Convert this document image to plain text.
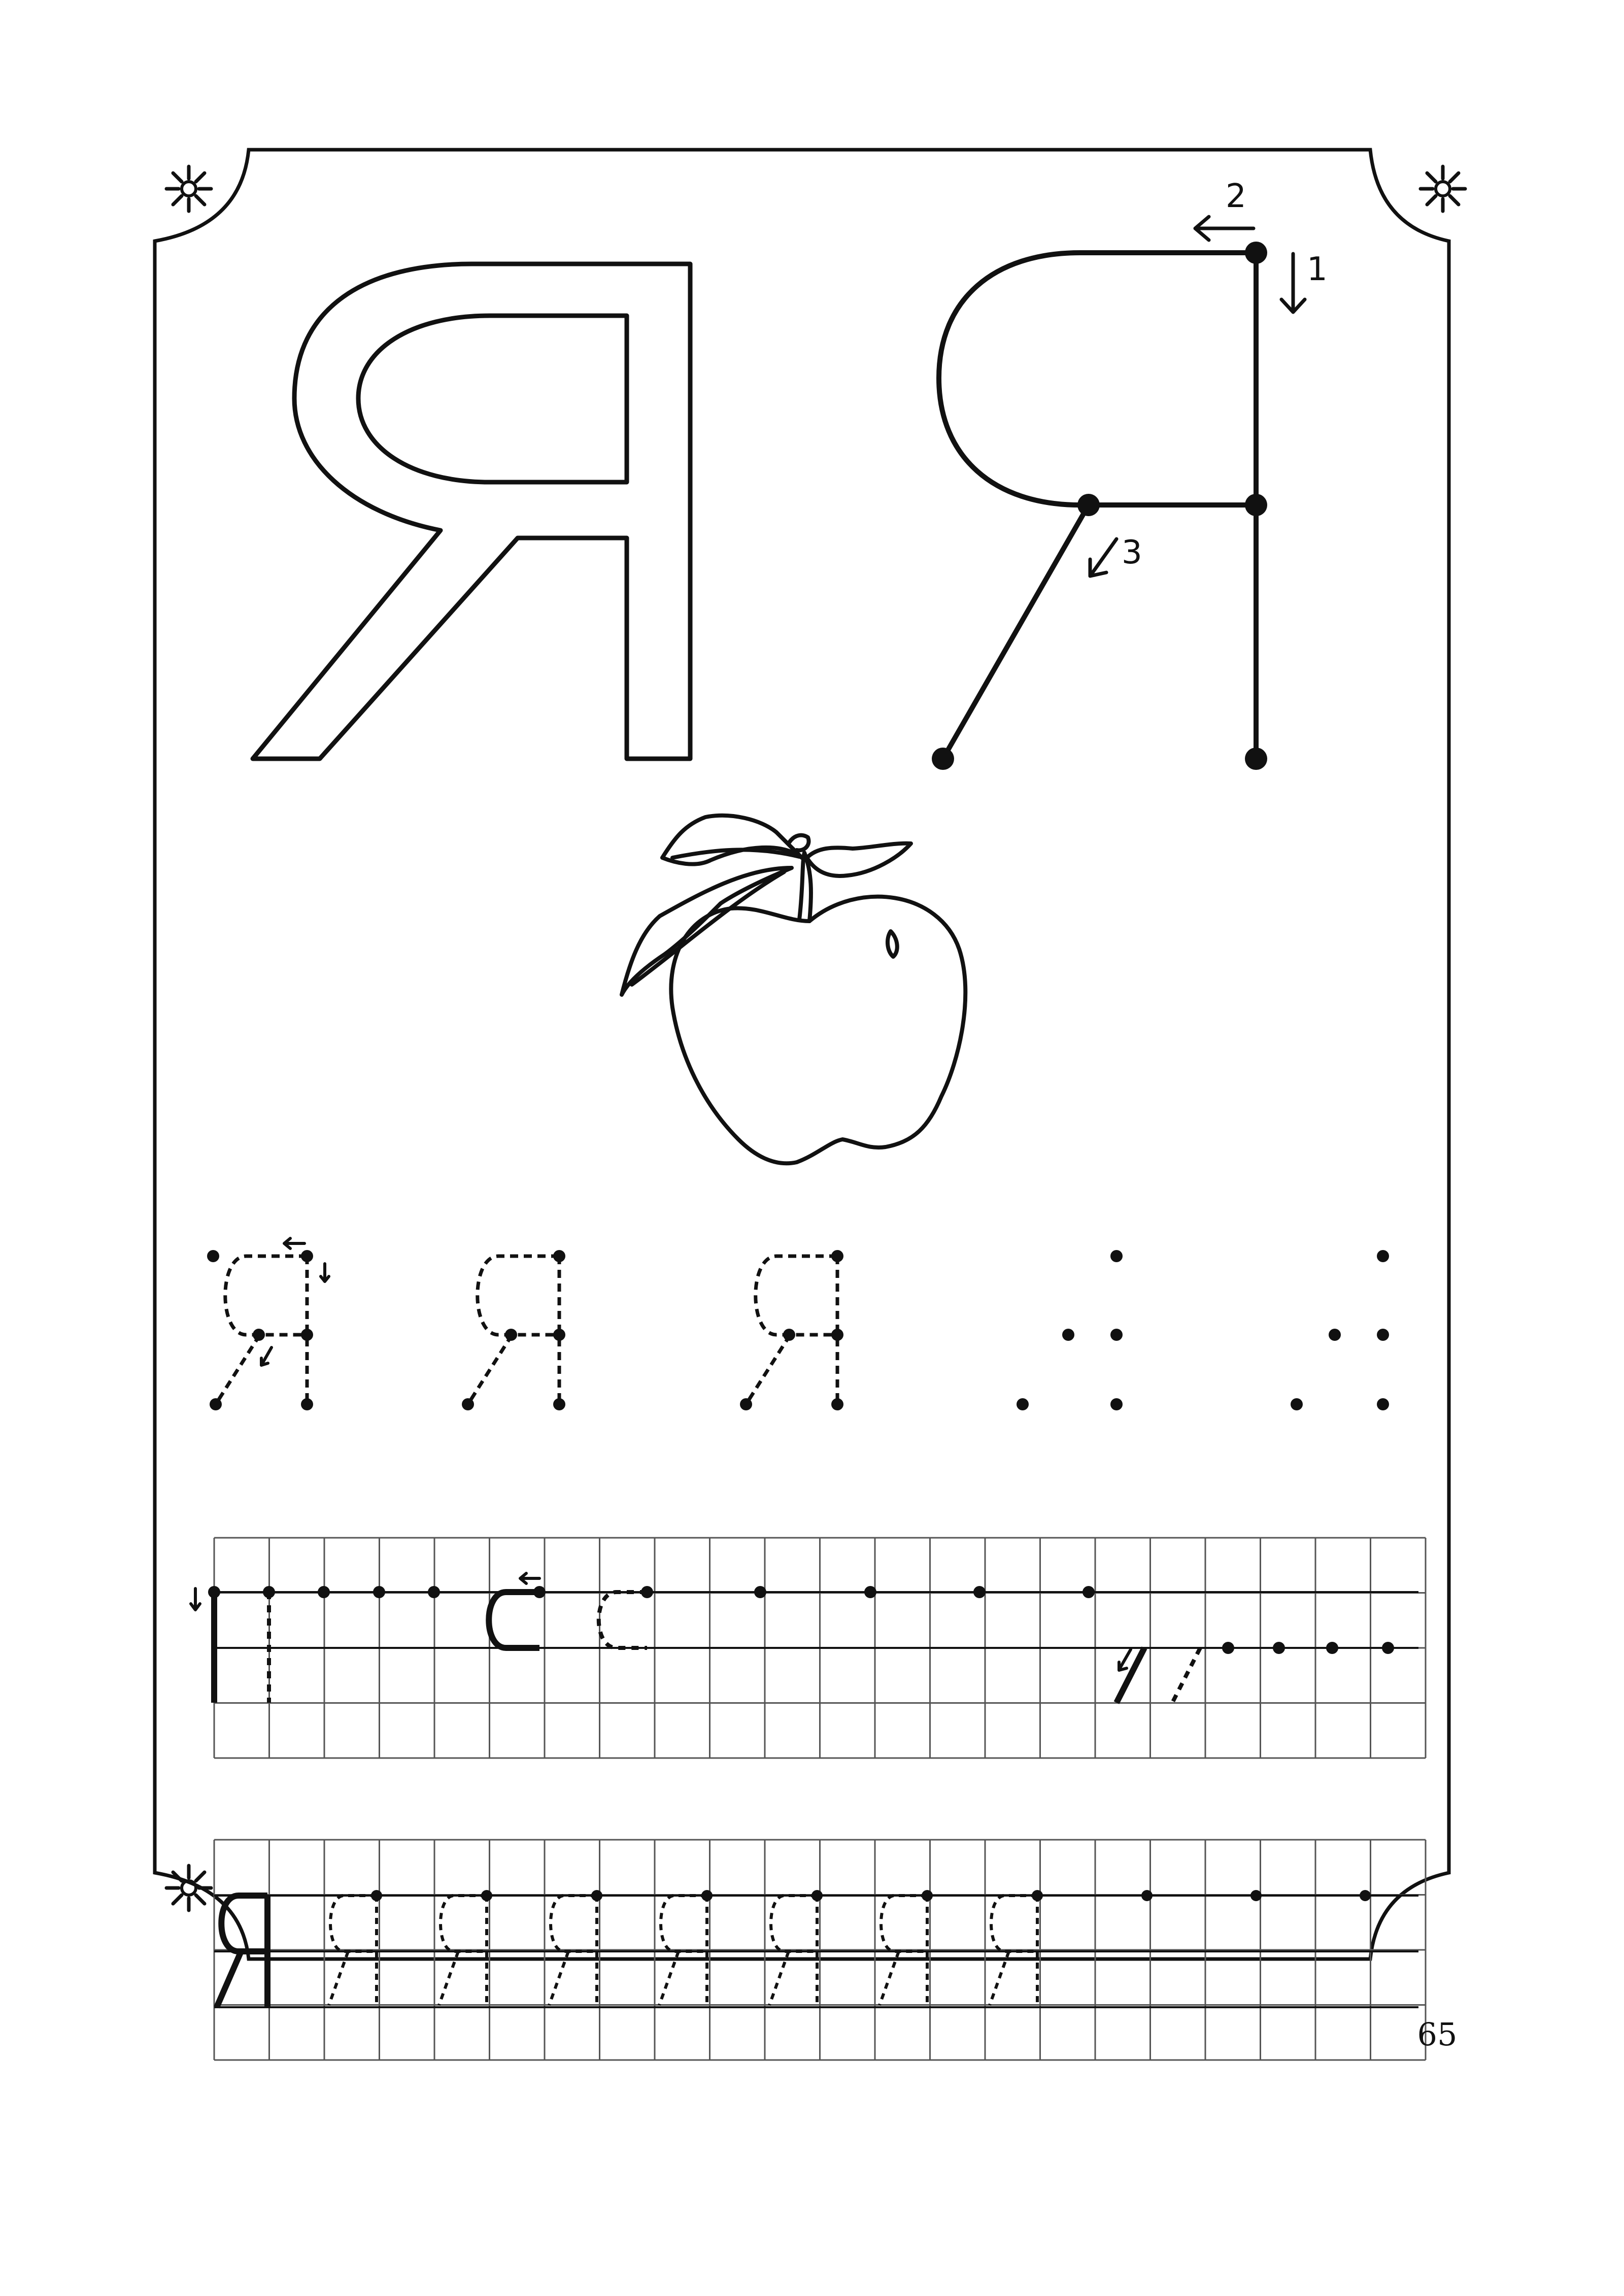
1
2
3
65
